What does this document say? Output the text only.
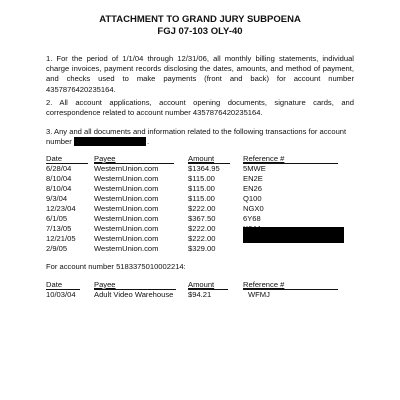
ATTACHMENT TO GRAND JURY SUBPOENA
FGJ 07-103 OLY-40
1. For the period of 1/1/04 through 12/31/06, all monthly billing statements, individual charge invoices, payment records disclosing the dates, amounts, and method of payment, and checks used to make payments (front and back) for account number 4357876420235164.
2. All account applications, account opening documents, signature cards, and correspondence related to account number 4357876420235164.
3. Any and all documents and information related to the following transactions for account
number	.
Date	Payee	Amount	Reference #
6/28/04	WesternUnion.com	$1364.95	5MWE
8/10/04	WesternUnion.com	$115.00	EN2E
8/10/04	WesternUnion.com	$115.00	EN26
9/3/04	WesternUnion.com	$115.00	Q100
12/23/04 WesternUnion.com	$222.00	NGX0
6/1/05	WesternUnion.com	$367.50	6Y68
7/13/05	WesternUnion.com	$222.00
12/21/05 WesternUnion.com	$222.00
2/9/05	WesternUnion.com	$329.00
For account number 5183375010002214:
Date	Payee	Amount	Reference #
10/03/04 Adult Video Warehouse $94.21	WFMJ
